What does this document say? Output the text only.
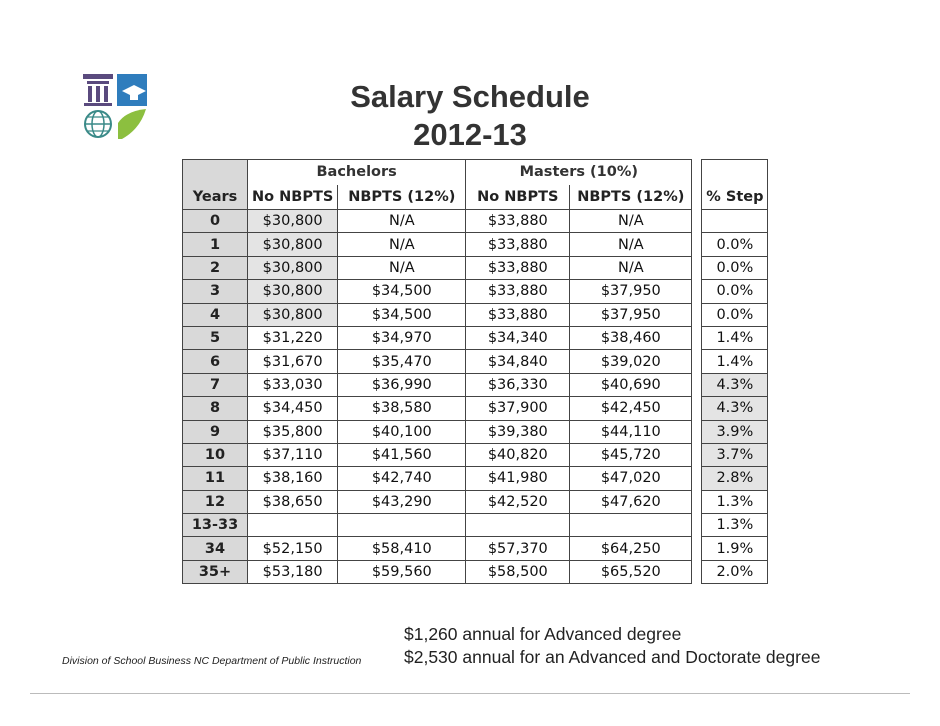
Salary Schedule
2012-13
	Bachelors		Masters (10%)			
Years	No NBPTS	NBPTS (12%)	No NBPTS	NBPTS (12%)		% Step
0	$30,800	N/A	$33,880	N/A		
1	$30,800	N/A	$33,880	N/A		0.0%
2	$30,800	N/A	$33,880	N/A		0.0%
3	$30,800	$34,500	$33,880	$37,950		0.0%
4	$30,800	$34,500	$33,880	$37,950		0.0%
5	$31,220	$34,970	$34,340	$38,460		1.4%
6	$31,670	$35,470	$34,840	$39,020		1.4%
7	$33,030	$36,990	$36,330	$40,690		4.3%
8	$34,450	$38,580	$37,900	$42,450		4.3%
9	$35,800	$40,100	$39,380	$44,110		3.9%
10	$37,110	$41,560	$40,820	$45,720		3.7%
11	$38,160	$42,740	$41,980	$47,020		2.8%
12	$38,650	$43,290	$42,520	$47,620		1.3%
13-33						1.3%
34	$52,150	$58,410	$57,370	$64,250		1.9%
35+	$53,180	$59,560	$58,500	$65,520		2.0%
$1,260 annual for Advanced degree
$2,530 annual for an Advanced and Doctorate degree
Division of School Business NC Department of Public Instruction
